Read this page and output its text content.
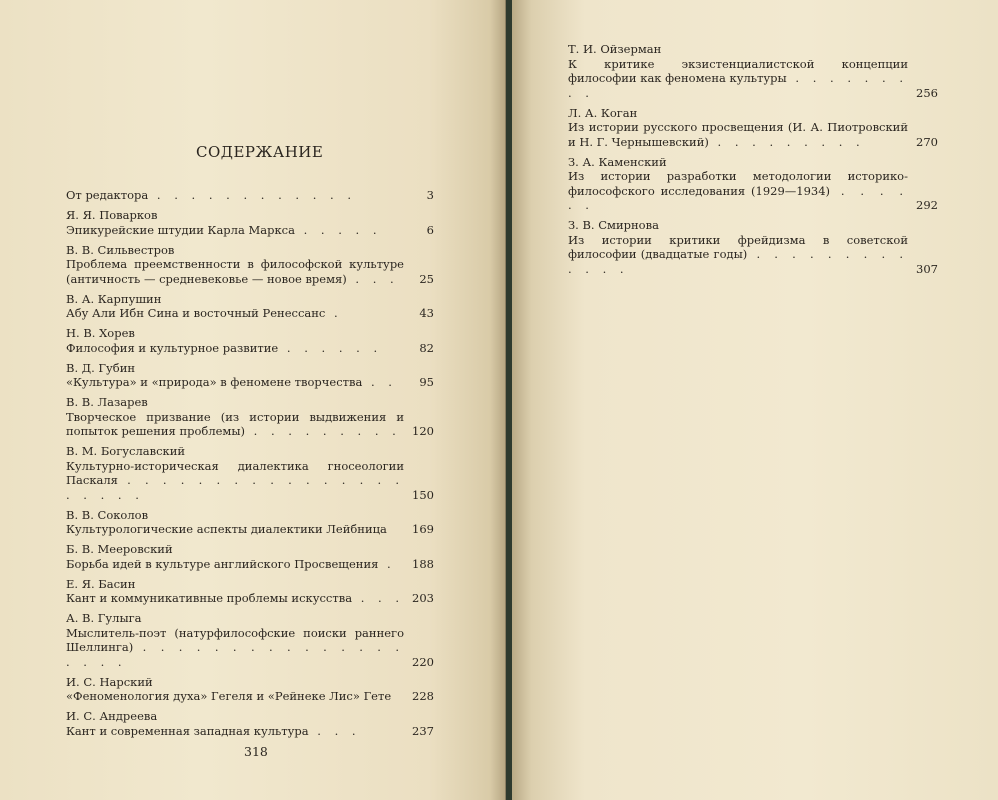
СОДЕРЖАНИЕ
От редактора . . . . . . . . . . . .	3
Я. Я. Поварков
Эпикурейские штудии Карла Маркса . . . . .	6
В. В. Сильвестров
Проблема преемственности в философской культуре (античность — средневековье — новое время) . . .	25
В. А. Карпушин
Абу Али Ибн Сина и восточный Ренессанс .	43
Н. В. Хорев
Философия и культурное развитие . . . . . .	82
В. Д. Губин
«Культура» и «природа» в феномене творчества . .	95
В. В. Лазарев
Творческое призвание (из истории выдвижения и попыток решения проблемы) . . . . . . . . . 120
В. М. Богуславский
Культурно-историческая диалектика гносеологии Паскаля . . . . . . . . . . . . . . . . . . . . .	150
В. В. Соколов
Культурологические аспекты диалектики Лейбница	169
Б. В. Мееровский
Борьба идей в культуре английского Просвещения .	188
Е. Я. Басин
Кант и коммуникативные проблемы искусства . . . 203
А. В. Гулыга
Мыслитель-поэт (натурфилософские поиски раннего Шеллинга) . . . . . . . . . . . . . . . . . . .	220
И. С. Нарский
«Феноменология духа» Гегеля и «Рейнеке Лис» Гете	228
И. С. Андреева
Кант и современная западная культура . . .	237
318
Т. И. Ойзерман
К критике экзистенциалистской концепции философии как феномена культуры . . . . . . . . .	256
Л. А. Коган
Из истории русского просвещения (И. А. Пиотровский и Н. Г. Чернышевский) . . . . . . . . .	270
З. А. Каменский
Из истории разработки методологии историко-философского исследования (1929—1934) . . . . . .	292
З. В. Смирнова
Из истории критики фрейдизма в советской философии (двадцатые годы) . . . . . . . . . . . . .	307
